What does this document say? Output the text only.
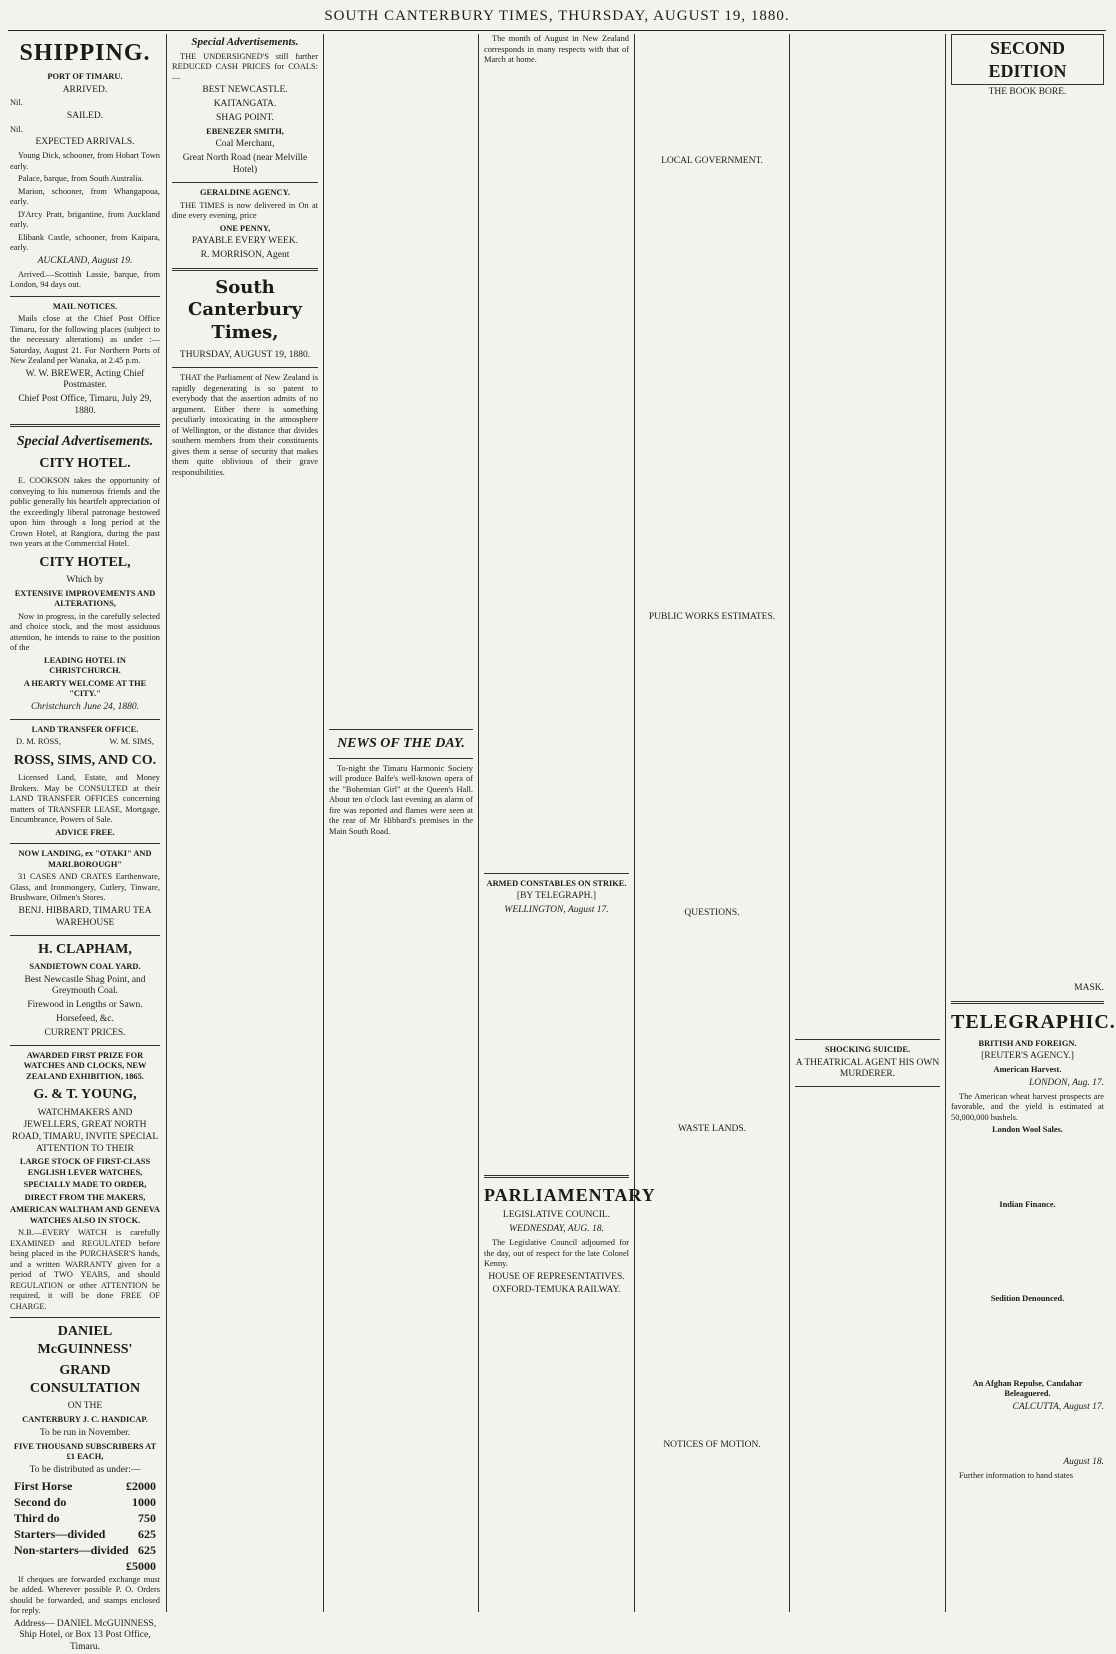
SOUTH CANTERBURY TIMES, THURSDAY, AUGUST 19, 1880.
SHIPPING.
PORT OF TIMARU.
ARRIVED.
Nil.
SAILED.
Nil.
EXPECTED ARRIVALS.

Young Dick, schooner, from Hobart Town early.

Palace, barque, from South Australia.

Marion, schooner, from Whangapoua, early.

D'Arcy Pratt, brigantine, from Auckland early.

Elibank Castle, schooner, from Kaipara, early.

AUCKLAND, August 19.

Arrived.—Scottish Lassie, barque, from London, 94 days out.

MAIL NOTICES.

Mails close at the Chief Post Office Timaru, for the following places (subject to the necessary alterations) as under :—Saturday, August 21. For Northern Ports of New Zealand per Wanaka, at 2.45 p.m.

W. W. BREWER, Acting Chief Postmaster.
Chief Post Office, Timaru, July 29, 1880.
Special Advertisements.
CITY HOTEL.

E. COOKSON takes the opportunity of conveying to his numerous friends and the public generally his heartfelt appreciation of the exceedingly liberal patronage bestowed upon him through a long period at the Crown Hotel, at Rangiora, during the past two years at the Commercial Hotel.

CITY HOTEL,
Which by
EXTENSIVE IMPROVEMENTS AND ALTERATIONS,

Now in progress, in the carefully selected and choice stock, and the most assiduous attention, he intends to raise to the position of the

LEADING HOTEL IN CHRISTCHURCH.
A HEARTY WELCOME AT THE "CITY."
Christchurch June 24, 1880.
LAND TRANSFER OFFICE.
D. M. ROSS,	W. M. SIMS,
ROSS, SIMS, AND CO.

Licensed Land, Estate, and Money Brokers. May be CONSULTED at their LAND TRANSFER OFFICES concerning matters of TRANSFER LEASE, Mortgage, Encumbrance, Powers of Sale.

ADVICE FREE.
NOW LANDING, ex "OTAKI" AND MARLBOROUGH"

31 CASES AND CRATES Earthenware, Glass, and Ironmongery, Cutlery, Tinware, Brushware, Oilmen's Stores.

BENJ. HIBBARD, TIMARU TEA WAREHOUSE
H. CLAPHAM,
SANDIETOWN COAL YARD.
Best Newcastle Shag Point, and Greymouth Coal.
Firewood in Lengths or Sawn.
Horsefeed, &c.
CURRENT PRICES.
AWARDED FIRST PRIZE FOR WATCHES AND CLOCKS, NEW ZEALAND EXHIBITION, 1865.
G. & T. YOUNG,
WATCHMAKERS AND JEWELLERS, GREAT NORTH ROAD, TIMARU, INVITE SPECIAL ATTENTION TO THEIR
LARGE STOCK OF FIRST-CLASS ENGLISH LEVER WATCHES,
SPECIALLY MADE TO ORDER,
DIRECT FROM THE MAKERS,
AMERICAN WALTHAM AND GENEVA WATCHES ALSO IN STOCK.

N.B.—EVERY WATCH is carefully EXAMINED and REGULATED before being placed in the PURCHASER'S hands, and a written WARRANTY given for a period of TWO YEARS, and should REGULATION or other ATTENTION be required, it will be done FREE OF CHARGE.

DANIEL McGUINNESS'
GRAND CONSULTATION
ON THE
CANTERBURY J. C. HANDICAP.
To be run in November.
FIVE THOUSAND SUBSCRIBERS AT £1 EACH,
To be distributed as under:—
First Horse	£2000
Second do	1000
Third do	750
Starters—divided	625
Non-starters—divided 625
£5000

If cheques are forwarded exchange must be added. Wherever possible P. O. Orders should be forwarded, and stamps enclosed for reply.

Address— DANIEL McGUINNESS, Ship Hotel, or Box 13 Post Office, Timaru.
Special Advertisements.

THE UNDERSIGNED'S still further REDUCED CASH PRICES for COALS:—

BEST NEWCASTLE.
KAITANGATA.
SHAG POINT.
EBENEZER SMITH,
Coal Merchant,
Great North Road (near Melville Hotel)
GERALDINE AGENCY.

THE TIMES is now delivered in On at dine every evening, price

ONE PENNY,
PAYABLE EVERY WEEK.
R. MORRISON, Agent
South Canterbury Times,
THURSDAY, AUGUST 19, 1880.

THAT the Parliament of New Zealand is rapidly degenerating is so patent to everybody that the assertion admits of no argument. Either there is something peculiarly intoxicating in the atmosphere of Wellington, or the distance that divides southern members from their constituents gives them a sense of security that makes them quite oblivious of their grave responsibilities.

NEWS OF THE DAY.

To-night the Timaru Harmonic Society will produce Balfe's well-known opera of the "Bohemian Girl" at the Queen's Hall. About ten o'clock last evening an alarm of fire was reported and flames were seen at the rear of Mr Hibbard's premises in the Main South Road.

The month of August in New Zealand corresponds in many respects with that of March at home.

ARMED CONSTABLES ON STRIKE.
[BY TELEGRAPH.]
WELLINGTON, August 17.
PARLIAMENTARY
LEGISLATIVE COUNCIL.
WEDNESDAY, AUG. 18.

The Legislative Council adjourned for the day, out of respect for the late Colonel Kenny.

HOUSE OF REPRESENTATIVES.
OXFORD-TEMUKA RAILWAY.
LOCAL GOVERNMENT.
PUBLIC WORKS ESTIMATES.
QUESTIONS.
WASTE LANDS.
NOTICES OF MOTION.
SHOCKING SUICIDE.
A THEATRICAL AGENT HIS OWN MURDERER.
SECOND EDITION
THE BOOK BORE.
MASK.
TELEGRAPHIC.
BRITISH AND FOREIGN.
[REUTER'S AGENCY.]
American Harvest.
LONDON, Aug. 17.

The American wheat harvest prospects are favorable, and the yield is estimated at 50,000,000 bushels.

London Wool Sales.
Indian Finance.
Sedition Denounced.
An Afghan Repulse, Candahar Beleaguered.
CALCUTTA, August 17.
August 18.

Further information to hand states
